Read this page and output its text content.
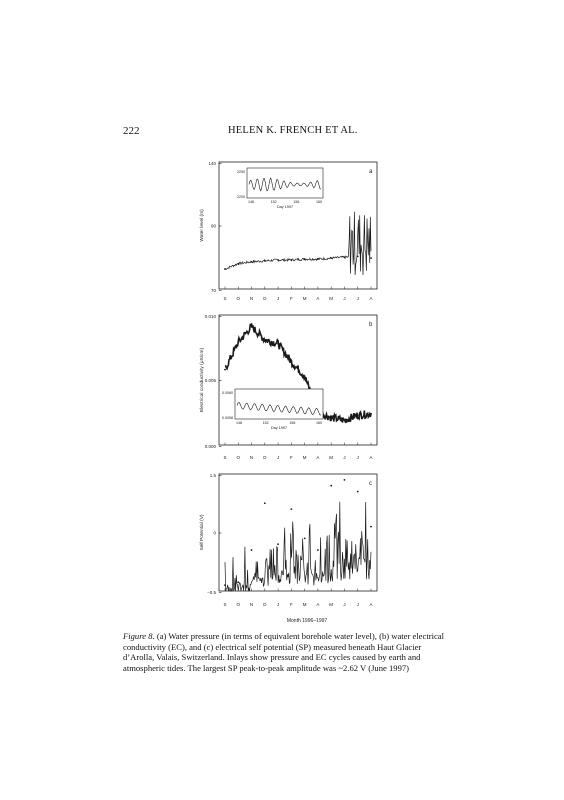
222	HELEN K. FRENCH ET AL.
140
90
70
Water level (m)
a
S O N D J F M A M J J A
2250
2200
148	152	156	160
Day 1997
0.010
0.005
0.000
Electrical conductivity (μS/cm)
b
S O N D J F M A M J J A
0.0060
0.0058
148	152	156	160
Day 1997
1.5
0
−0.5
Self Potential (V)
c
S O N D J F M A M J J A
Month 1996–1997
Figure 8. (a) Water pressure (in terms of equivalent borehole water level), (b) water electrical conductivity (EC), and (c) electrical self potential (SP) measured beneath Haut Glacier d’Arolla, Valais, Switzerland. Inlays show pressure and EC cycles caused by earth and atmospheric tides. The largest SP peak-to-peak amplitude was ~2.62 V (June 1997)
